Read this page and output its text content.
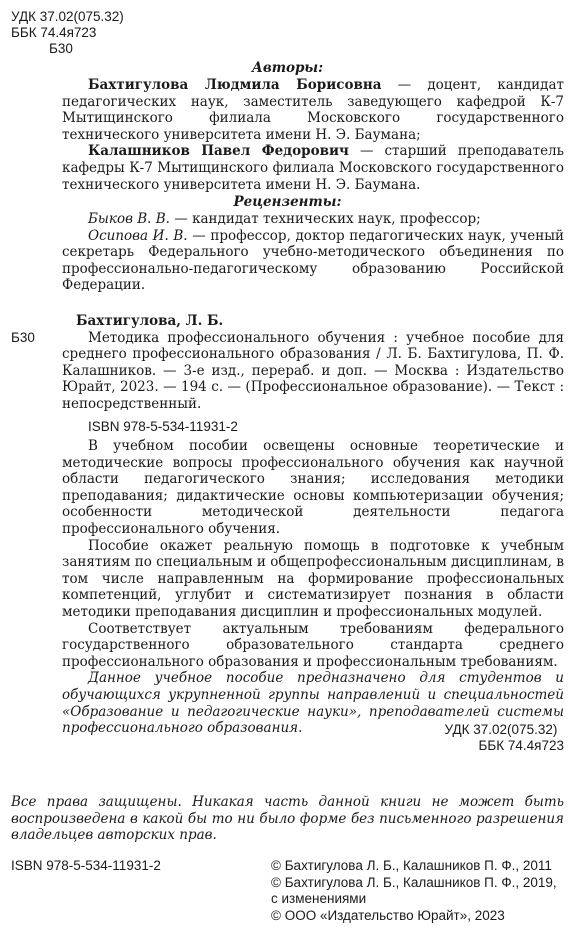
УДК 37.02(075.32)
ББК 74.4я723
Б30
Авторы:

Бахтигулова Людмила Борисовна — доцент, кандидат педагогических наук, заместитель заведующего кафедрой К-7 Мытищинского филиала Московского государственного технического университета имени Н. Э. Баумана;

Калашников Павел Федорович — старший преподаватель кафедры К-7 Мытищинского филиала Московского государственного технического университета имени Н. Э. Баумана.

Рецензенты:

Быков В. В. — кандидат технических наук, профессор;

Осипова И. В. — профессор, доктор педагогических наук, ученый секретарь Федерального учебно-методического объединения по профессионально-педагогическому образованию Российской Федерации.

Б30

Бахтигулова, Л. Б.

Методика профессионального обучения : учебное пособие для среднего профессионального образования / Л. Б. Бахтигулова, П. Ф. Калашников. — 3-е изд., перераб. и доп. — Москва : Издательство Юрайт, 2023. — 194 с. — (Профессиональное образование). — Текст : непосредственный.

ISBN 978-5-534-11931-2

В учебном пособии освещены основные теоретические и методические вопросы профессионального обучения как научной области педагогического знания; исследования методики преподавания; дидактические основы компьютеризации обучения; особенности методической деятельности педагога профессионального обучения.

Пособие окажет реальную помощь в подготовке к учебным занятиям по специальным и общепрофессиональным дисциплинам, в том числе направленным на формирование профессиональных компетенций, углубит и систематизирует познания в области методики преподавания дисциплин и профессиональных модулей.

Соответствует актуальным требованиям федерального государственного образовательного стандарта среднего профессионального образования и профессиональным требованиям.

Данное учебное пособие предназначено для студентов и обучающихся укрупненной группы направлений и специальностей «Образование и педагогические науки», преподавателей системы профессионального образования.	УДК 37.02(075.32)
ББК 74.4я723
Все права защищены. Никакая часть данной книги не может быть воспроизведена в какой бы то ни было форме без письменного разрешения владельцев авторских прав.
ISBN 978-5-534-11931-2	© Бахтигулова Л. Б., Калашников П. Ф., 2011
© Бахтигулова Л. Б., Калашников П. Ф., 2019, с изменениями
© ООО «Издательство Юрайт», 2023
